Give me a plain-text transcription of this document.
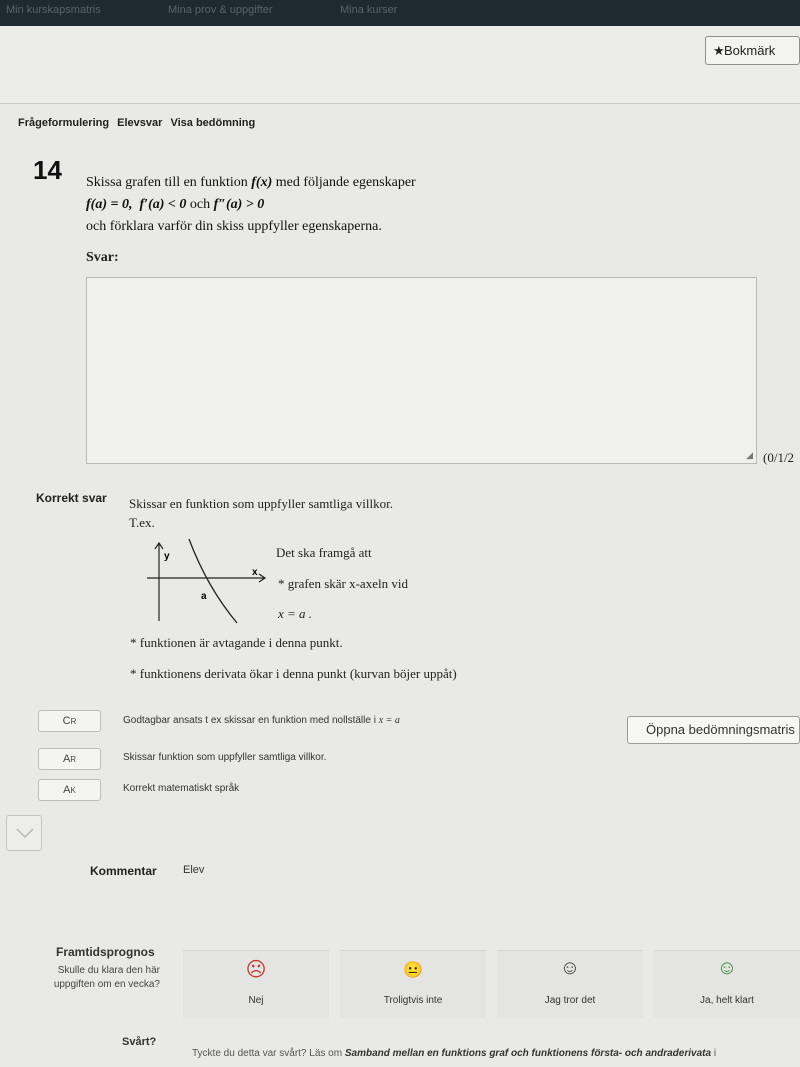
Min kurskapsmatris	Mina prov & uppgifter	Mina kurser
★ Bokmärk
Frågeformulering Elevsvar Visa bedömning
14 Skissa grafen till en funktion f(x) med följande egenskaper
f(a) = 0, f′(a) < 0 och f″(a) > 0
och förklara varför din skiss uppfyller egenskaperna.
Svar:
◢ (0/1/2
Korrekt svar Skissar en funktion som uppfyller samtliga villkor.
T.ex.
y
x
a
Det ska framgå att
* grafen skär x-axeln vid
x = a .
* funktionen är avtagande i denna punkt.
* funktionens derivata ökar i denna punkt (kurvan böjer uppåt)
CR	Godtagbar ansats t ex skissar en funktion med nollställe i x = a
AR	Skissar funktion som uppfyller samtliga villkor.
AK	Korrekt matematiskt språk
Öppna bedömningsmatris
Kommentar Elev
Framtidsprognos
Skulle du klara den här uppgiften om en vecka?
☹
Nej
😐
Troligtvis inte
☺
Jag tror det
☺
Ja, helt klart
Svårt?
Tyckte du detta var svårt? Läs om Samband mellan en funktions graf och funktionens första- och andraderivata i
